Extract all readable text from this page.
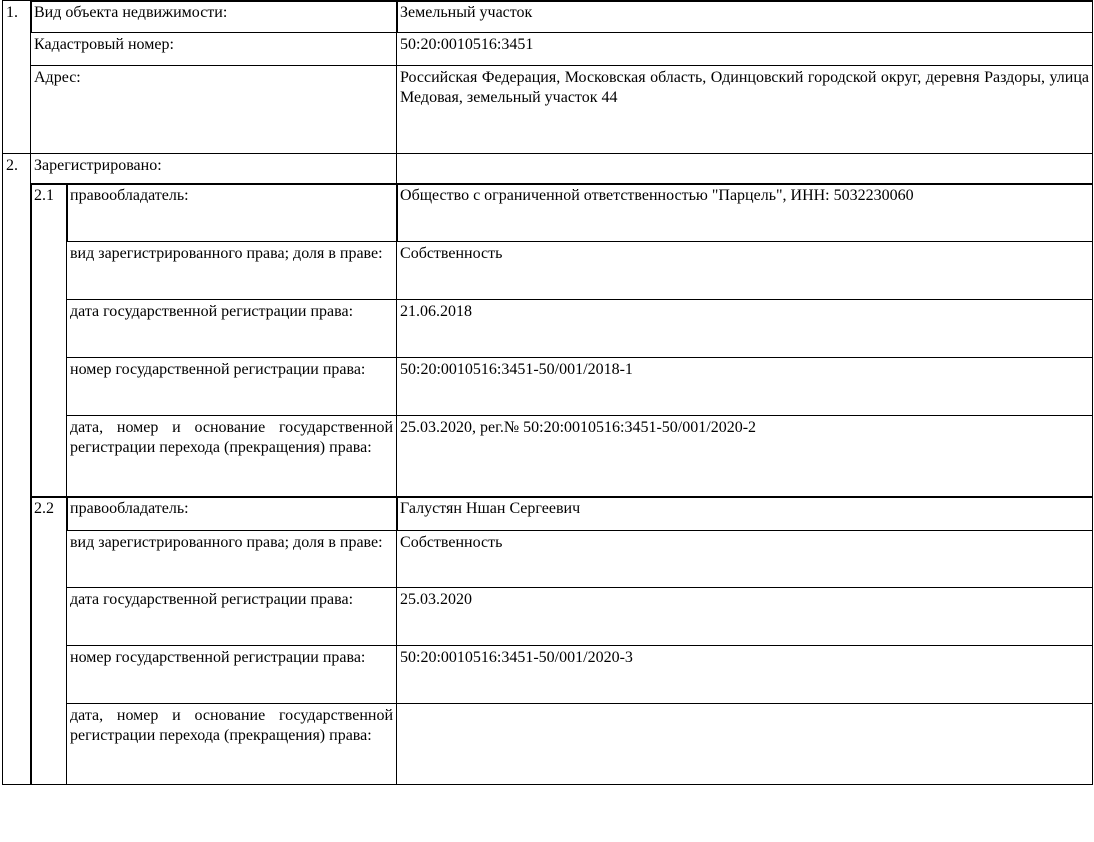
1.	Вид объекта недвижимости:		Земельный участок
	Кадастровый номер:		50:20:0010516:3451
	Адрес:		Российская Федерация, Московская область, Одинцовский городской округ, деревня Раздоры, улица Медовая, земельный участок 44
2.	Зарегистрировано:		
	2.1	правообладатель:	Общество с ограниченной ответственностью "Парцель", ИНН: 5032230060
		вид зарегистрированного права; доля в праве:	Собственность
		дата государственной регистрации права:	21.06.2018
		номер государственной регистрации права:	50:20:0010516:3451-50/001/2018-1
		дата, номер и основание государственной регистрации перехода (прекращения) права:	25.03.2020, рег.№ 50:20:0010516:3451-50/001/2020-2
	2.2	правообладатель:	Галустян Ншан Сергеевич
		вид зарегистрированного права; доля в праве:	Собственность
		дата государственной регистрации права:	25.03.2020
		номер государственной регистрации права:	50:20:0010516:3451-50/001/2020-3
		дата, номер и основание государственной регистрации перехода (прекращения) права:	
